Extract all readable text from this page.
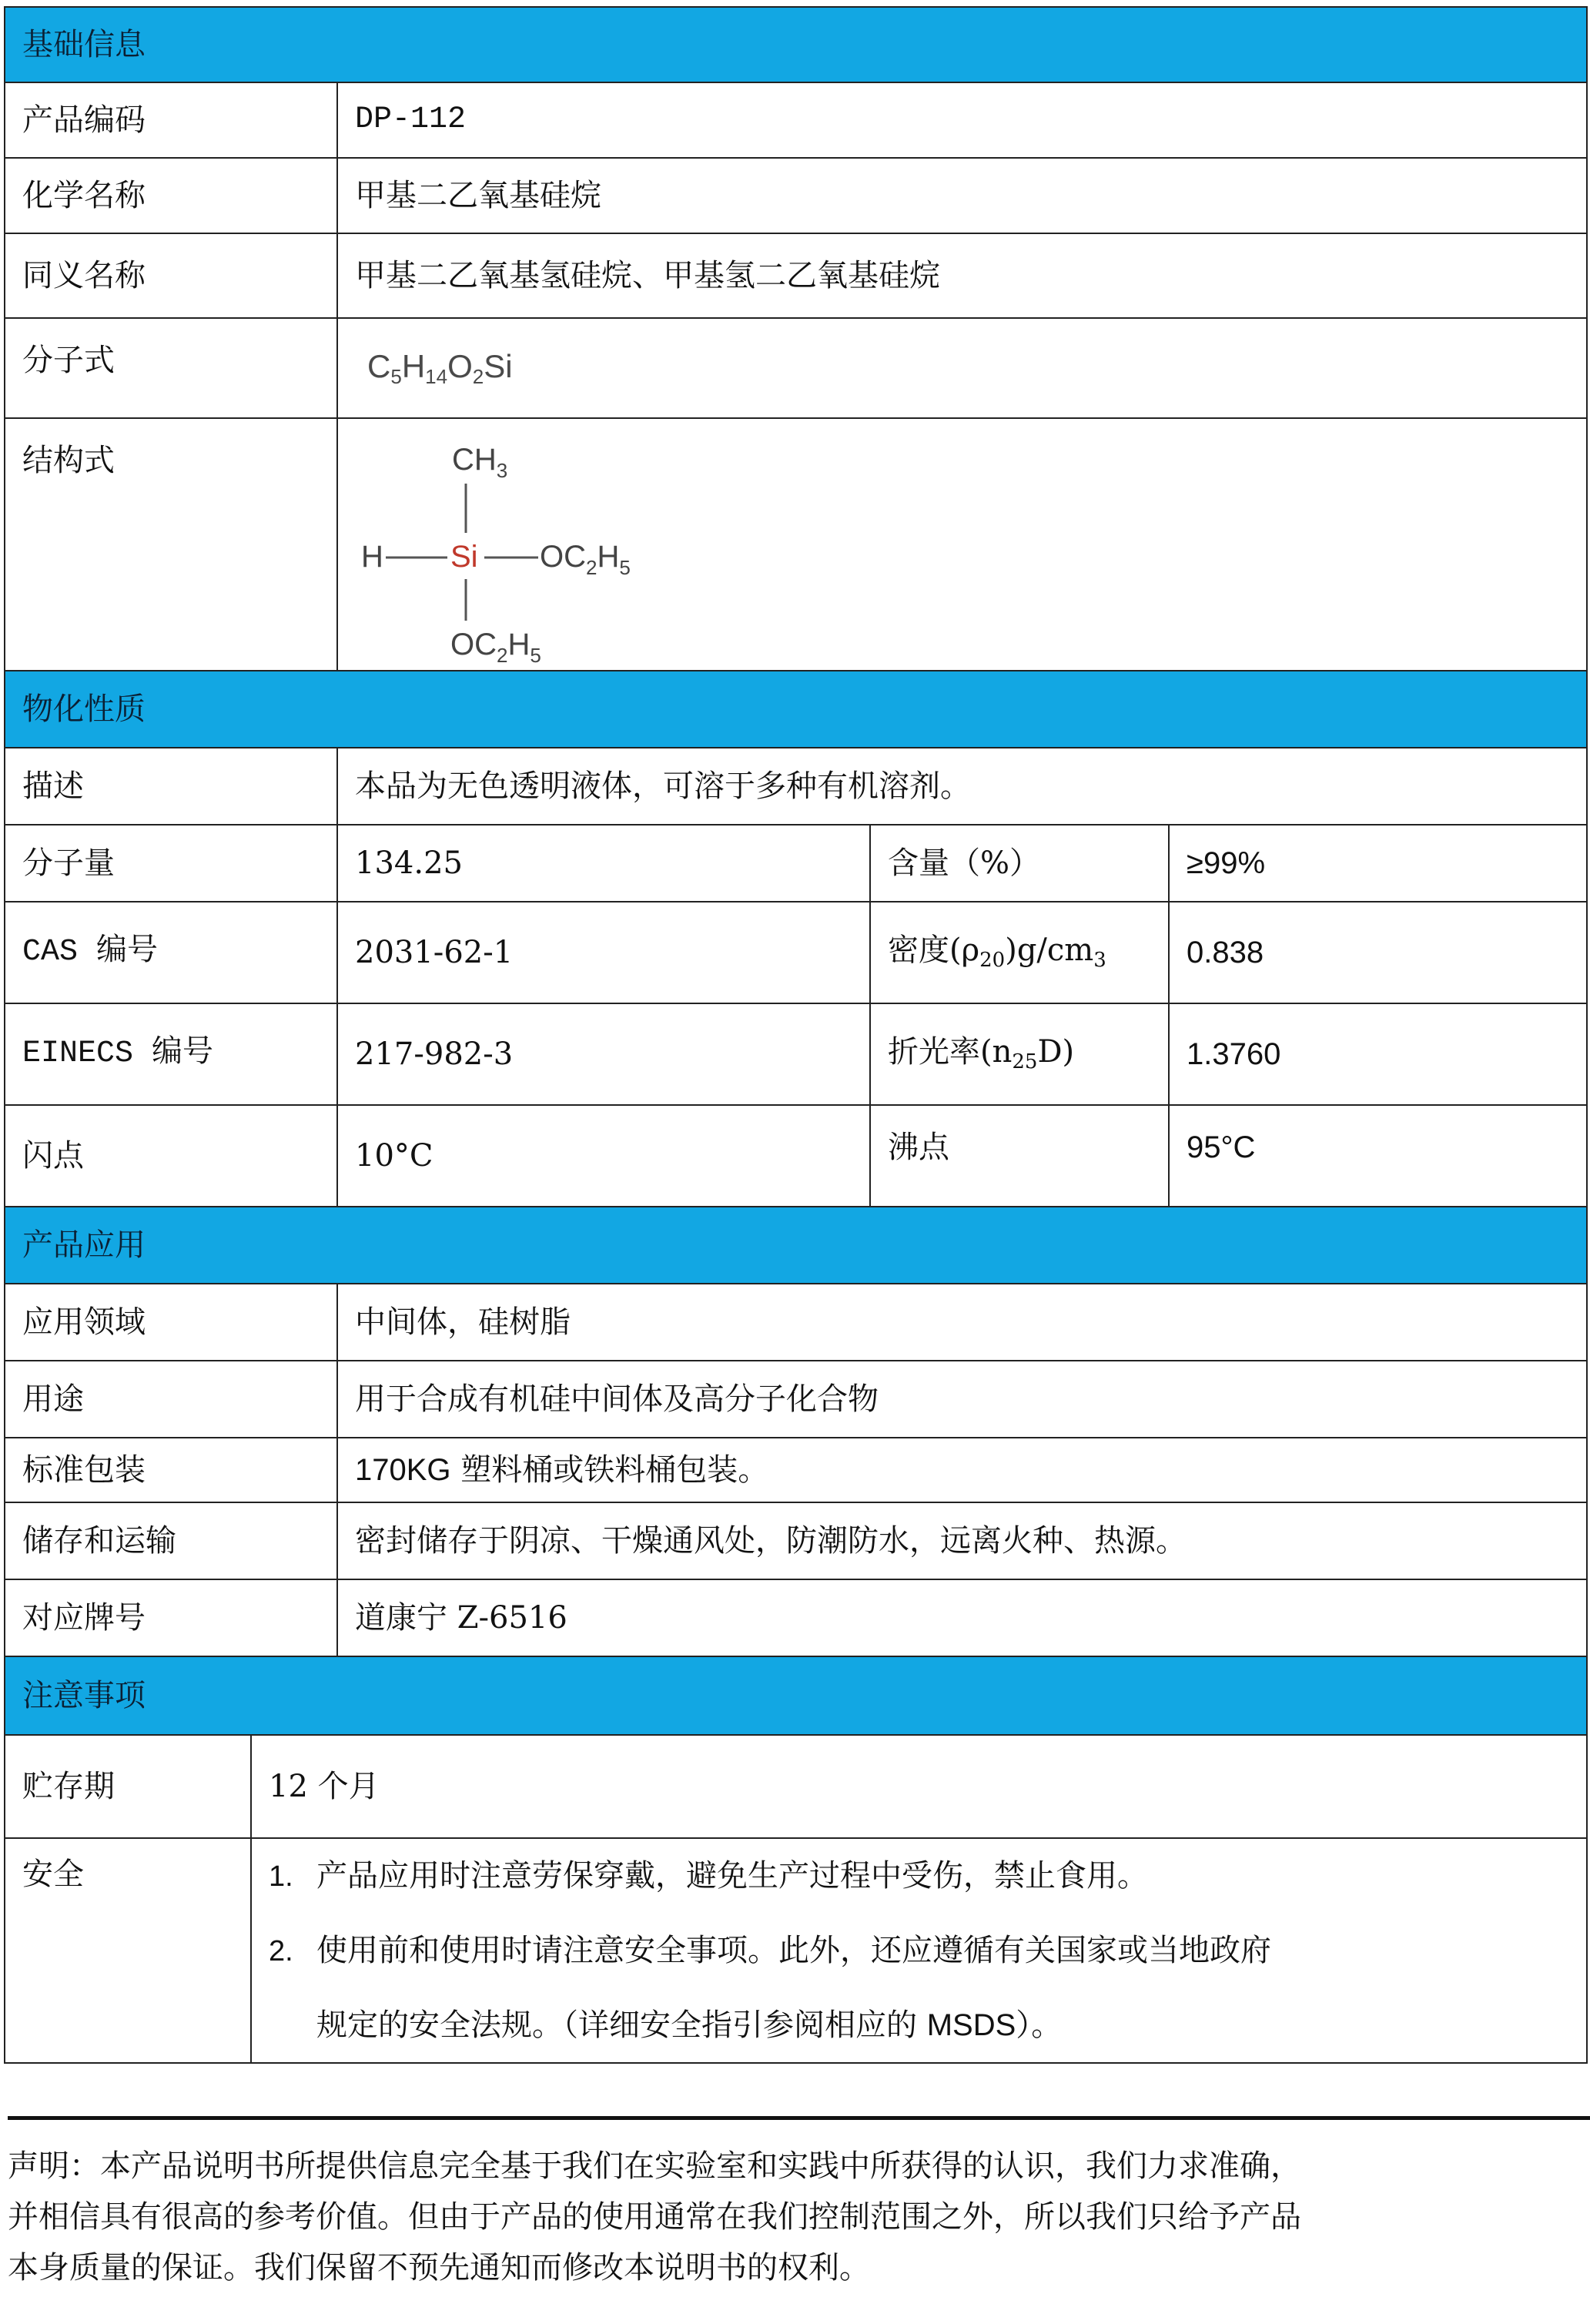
基础信息			
产品编码	DP-112		
化学名称	甲基二乙氧基硅烷		
同义名称	甲基二乙氧基氢硅烷、甲基氢二乙氧基硅烷		
分子式	$C_5H_{14}O_2Si$		
结构式	$CH_3$
H Si $OC_2H_5$
$OC_2H_5$

物化性质			
描述	本品为无色透明液体，可溶于多种有机溶剂。		
分子量	134.25	含量（%）	≥99%
CAS 编号	2031-62-1	密度$(\rho_{20})g/cm_3$	0.838
EINECS 编号	217-982-3	折光率$(n_{25}D)$	1.3760
闪点	10°C	沸点	95°C
产品应用			
应用领域	中间体，硅树脂		
用途	用于合成有机硅中间体及高分子化合物		
标准包装	170KG 塑料桶或铁料桶包装。		
储存和运输	密封储存于阴凉、干燥通风处，防潮防水，远离火种、热源。		
对应牌号	道康宁 Z-6516		
注意事项	
贮存期	12 个月
安全	1. 产品应用时注意劳保穿戴，避免生产过程中受伤，禁止食用。
2. 使用前和使用时请注意安全事项。此外，还应遵循有关国家或当地政府
规定的安全法规。（详细安全指引参阅相应的 MSDS）。
声明：本产品说明书所提供信息完全基于我们在实验室和实践中所获得的认识，我们力求准确，
并相信具有很高的参考价值。但由于产品的使用通常在我们控制范围之外，所以我们只给予产品
本身质量的保证。我们保留不预先通知而修改本说明书的权利。
